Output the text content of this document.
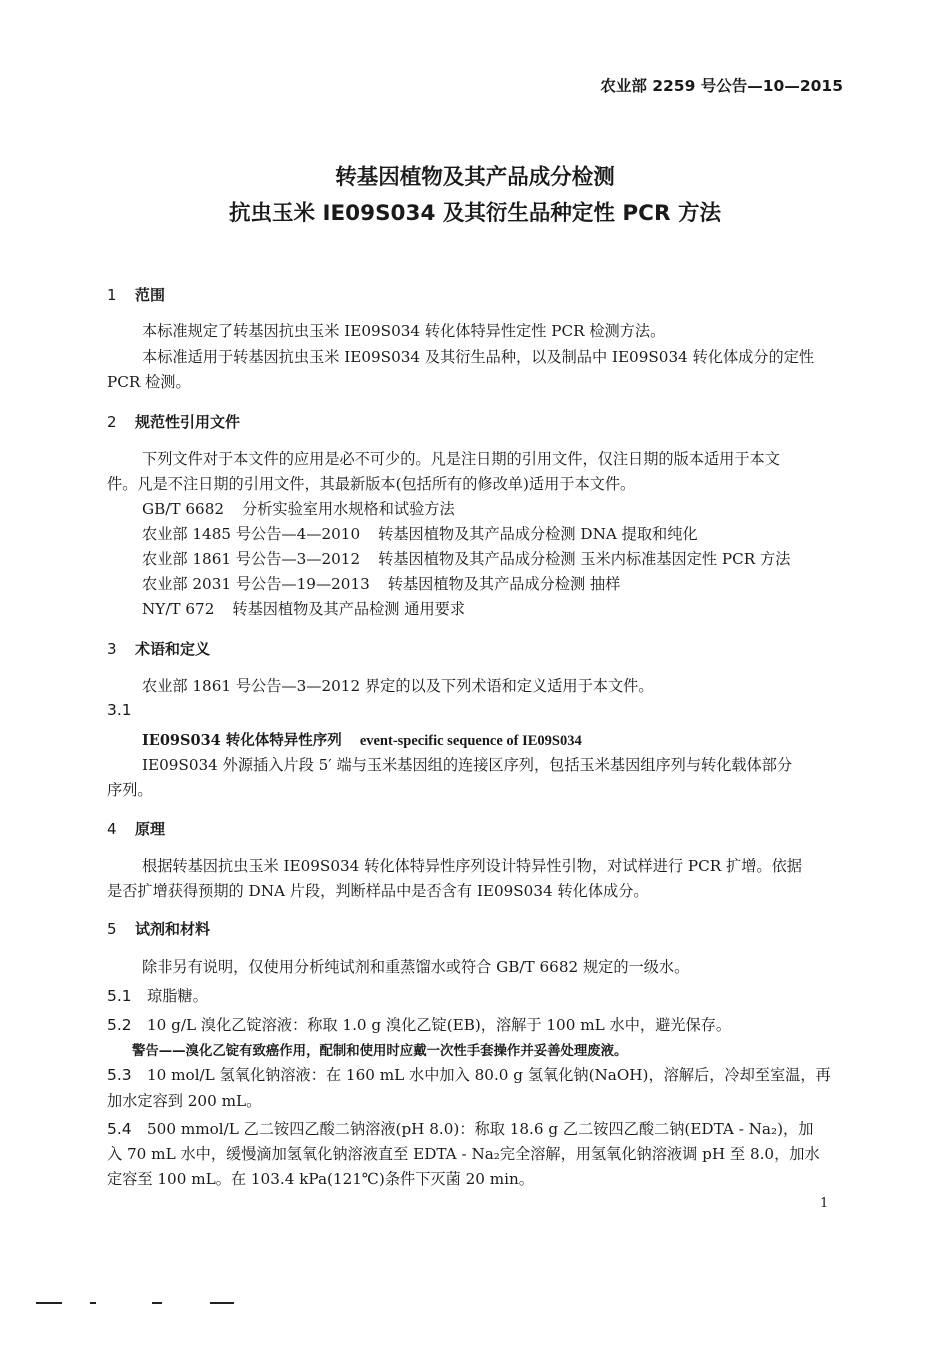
农业部 2259 号公告—10—2015
转基因植物及其产品成分检测
抗虫玉米 IE09S034 及其衍生品种定性 PCR 方法
1 范围
本标准规定了转基因抗虫玉米 IE09S034 转化体特异性定性 PCR 检测方法。
本标准适用于转基因抗虫玉米 IE09S034 及其衍生品种，以及制品中 IE09S034 转化体成分的定性
PCR 检测。
2 规范性引用文件
下列文件对于本文件的应用是必不可少的。凡是注日期的引用文件，仅注日期的版本适用于本文
件。凡是不注日期的引用文件，其最新版本(包括所有的修改单)适用于本文件。
GB/T 6682 分析实验室用水规格和试验方法
农业部 1485 号公告—4—2010 转基因植物及其产品成分检测 DNA 提取和纯化
农业部 1861 号公告—3—2012 转基因植物及其产品成分检测 玉米内标准基因定性 PCR 方法
农业部 2031 号公告—19—2013 转基因植物及其产品成分检测 抽样
NY/T 672 转基因植物及其产品检测 通用要求
3 术语和定义
农业部 1861 号公告—3—2012 界定的以及下列术语和定义适用于本文件。
3.1
IE09S034 转化体特异性序列 event-specific sequence of IE09S034
IE09S034 外源插入片段 5′ 端与玉米基因组的连接区序列，包括玉米基因组序列与转化载体部分
序列。
4 原理
根据转基因抗虫玉米 IE09S034 转化体特异性序列设计特异性引物，对试样进行 PCR 扩增。依据
是否扩增获得预期的 DNA 片段，判断样品中是否含有 IE09S034 转化体成分。
5 试剂和材料
除非另有说明，仅使用分析纯试剂和重蒸馏水或符合 GB/T 6682 规定的一级水。
5.1 琼脂糖。
5.2 10 g/L 溴化乙锭溶液：称取 1.0 g 溴化乙锭(EB)，溶解于 100 mL 水中，避光保存。
警告——溴化乙锭有致癌作用，配制和使用时应戴一次性手套操作并妥善处理废液。
5.3 10 mol/L 氢氧化钠溶液：在 160 mL 水中加入 80.0 g 氢氧化钠(NaOH)，溶解后，冷却至室温，再
加水定容到 200 mL。
5.4 500 mmol/L 乙二铵四乙酸二钠溶液(pH 8.0)：称取 18.6 g 乙二铵四乙酸二钠(EDTA - Na₂)，加
入 70 mL 水中，缓慢滴加氢氧化钠溶液直至 EDTA - Na₂完全溶解，用氢氧化钠溶液调 pH 至 8.0，加水
定容至 100 mL。在 103.4 kPa(121℃)条件下灭菌 20 min。
1
